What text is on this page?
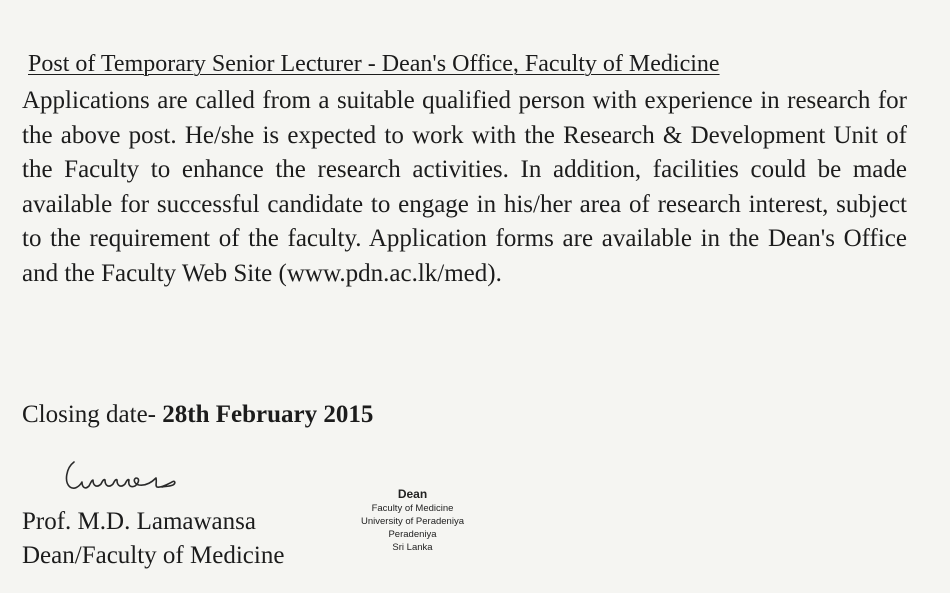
Post of Temporary Senior Lecturer - Dean's Office, Faculty of Medicine
Applications are called from a suitable qualified person with experience in research for the above post. He/she is expected to work with the Research & Development Unit of the Faculty to enhance the research activities. In addition, facilities could be made available for successful candidate to engage in his/her area of research interest, subject to the requirement of the faculty. Application forms are available in the Dean's Office and the Faculty Web Site (www.pdn.ac.lk/med).
Closing date- 28th February 2015
Prof. M.D. Lamawansa
Dean/Faculty of Medicine
Dean
Faculty of Medicine
University of Peradeniya
Peradeniya
Sri Lanka
